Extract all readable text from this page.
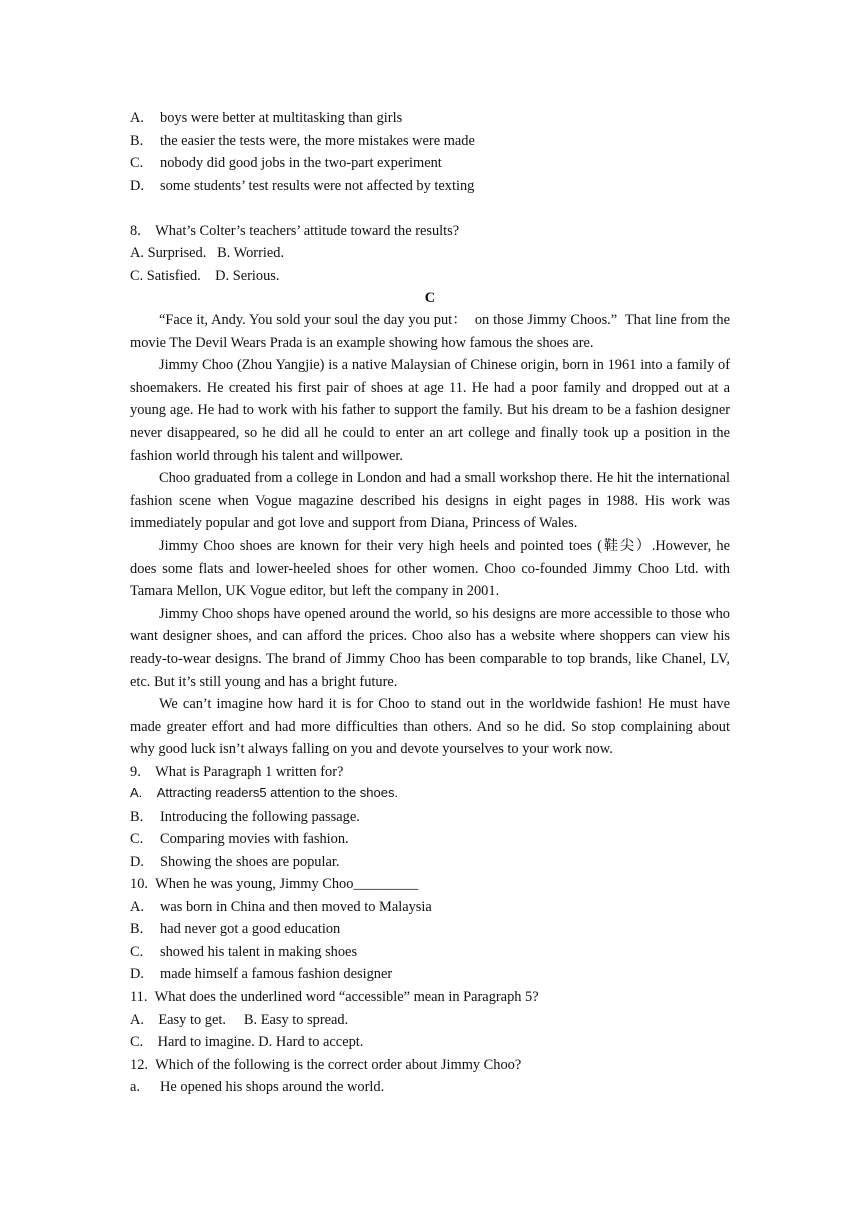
A. boys were better at multitasking than girls
B. the easier the tests were, the more mistakes were made
C. nobody did good jobs in the two-part experiment
D. some students’ test results were not affected by texting
8.    What’s Colter’s teachers’ attitude toward the results?
A. Surprised.   B. Worried.
C. Satisfied.    D. Serious.
C

“Face it, Andy. You sold your soul the day you put：  on those Jimmy Choos.”  That line from the movie The Devil Wears Prada is an example showing how famous the shoes are.

Jimmy Choo (Zhou Yangjie) is a native Malaysian of Chinese origin, born in 1961 into a family of shoemakers. He created his first pair of shoes at age 11. He had a poor family and dropped out at a young age. He had to work with his father to support the family. But his dream to be a fashion designer never disappeared, so he did all he could to enter an art college and finally took up a position in the fashion world through his talent and willpower.

Choo graduated from a college in London and had a small workshop there. He hit the international fashion scene when Vogue magazine described his designs in eight pages in 1988. His work was immediately popular and got love and support from Diana, Princess of Wales.

Jimmy Choo shoes are known for their very high heels and pointed toes (鞋尖）.However, he does some flats and lower-heeled shoes for other women. Choo co-founded Jimmy Choo Ltd. with Tamara Mellon, UK Vogue editor, but left the company in 2001.

Jimmy Choo shops have opened around the world, so his designs are more accessible to those who want designer shoes, and can afford the prices. Choo also has a website where shoppers can view his ready-to-wear designs. The brand of Jimmy Choo has been comparable to top brands, like Chanel, LV, etc. But it’s still young and has a bright future.

We can’t imagine how hard it is for Choo to stand out in the worldwide fashion! He must have made greater effort and had more difficulties than others. And so he did. So stop complaining about why good luck isn’t always falling on you and devote yourselves to your work now.

9.    What is Paragraph 1 written for?
A.    Attracting readers5 attention to the shoes.
B. Introducing the following passage.
C. Comparing movies with fashion.
D. Showing the shoes are popular.
10.  When he was young, Jimmy Choo_________
A. was born in China and then moved to Malaysia
B. had never got a good education
C. showed his talent in making shoes
D. made himself a famous fashion designer
11.  What does the underlined word “accessible” mean in Paragraph 5?
A.    Easy to get.     B. Easy to spread.
C.    Hard to imagine. D. Hard to accept.
12.  Which of the following is the correct order about Jimmy Choo?
a. He opened his shops around the world.
